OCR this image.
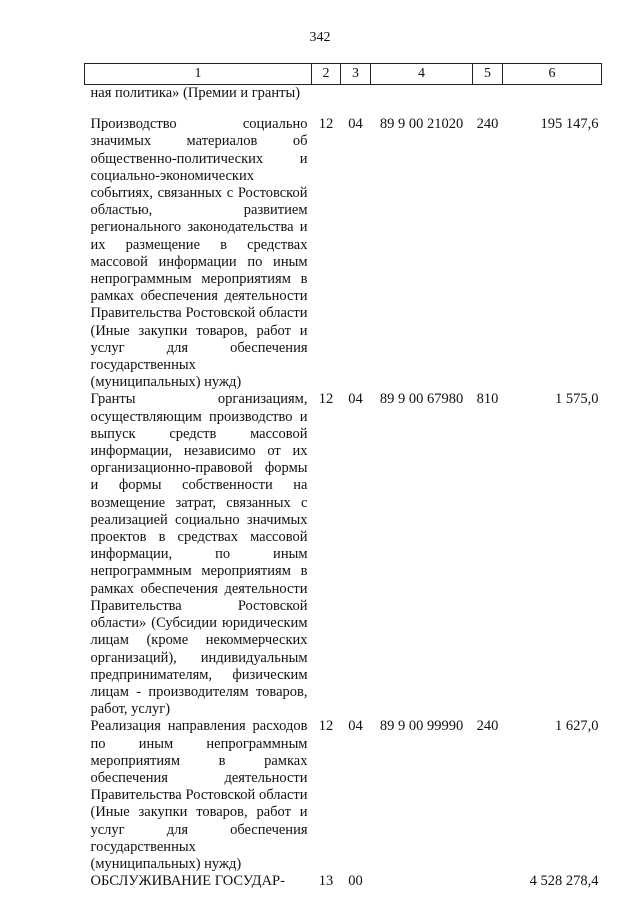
342
1	2	3	4	5	6
ная политика» (Премии и гранты)					

Производство социально значимых материалов об общественно-политических и социально-экономических событиях, связанных с Ростовской областью, развитием регионального законодательства и их размещение в средствах массовой информации по иным непрограммным мероприятиям в рамках обеспечения деятельности Правительства Ростовской области (Иные закупки товаров, работ и услуг для обеспечения государственных (муниципальных) нужд)	12	04	89 9 00 21020	240	195 147,6
Гранты организациям, осуществляющим производство и выпуск средств массовой информации, независимо от их организационно-правовой формы и формы собственности на возмещение затрат, связанных с реализацией социально значимых проектов в средствах массовой информации, по иным непрограммным мероприятиям в рамках обеспечения деятельности Правительства Ростовской области» (Субсидии юридическим лицам (кроме некоммерческих организаций), индивидуальным предпринимателям, физическим лицам - производителям товаров, работ, услуг)	12	04	89 9 00 67980	810	1 575,0
Реализация направления расходов по иным непрограммным мероприятиям в рамках обеспечения деятельности Правительства Ростовской области (Иные закупки товаров, работ и услуг для обеспечения государственных (муниципальных) нужд)	12	04	89 9 00 99990	240	1 627,0
ОБСЛУЖИВАНИЕ ГОСУДАР-	13	00			4 528 278,4
